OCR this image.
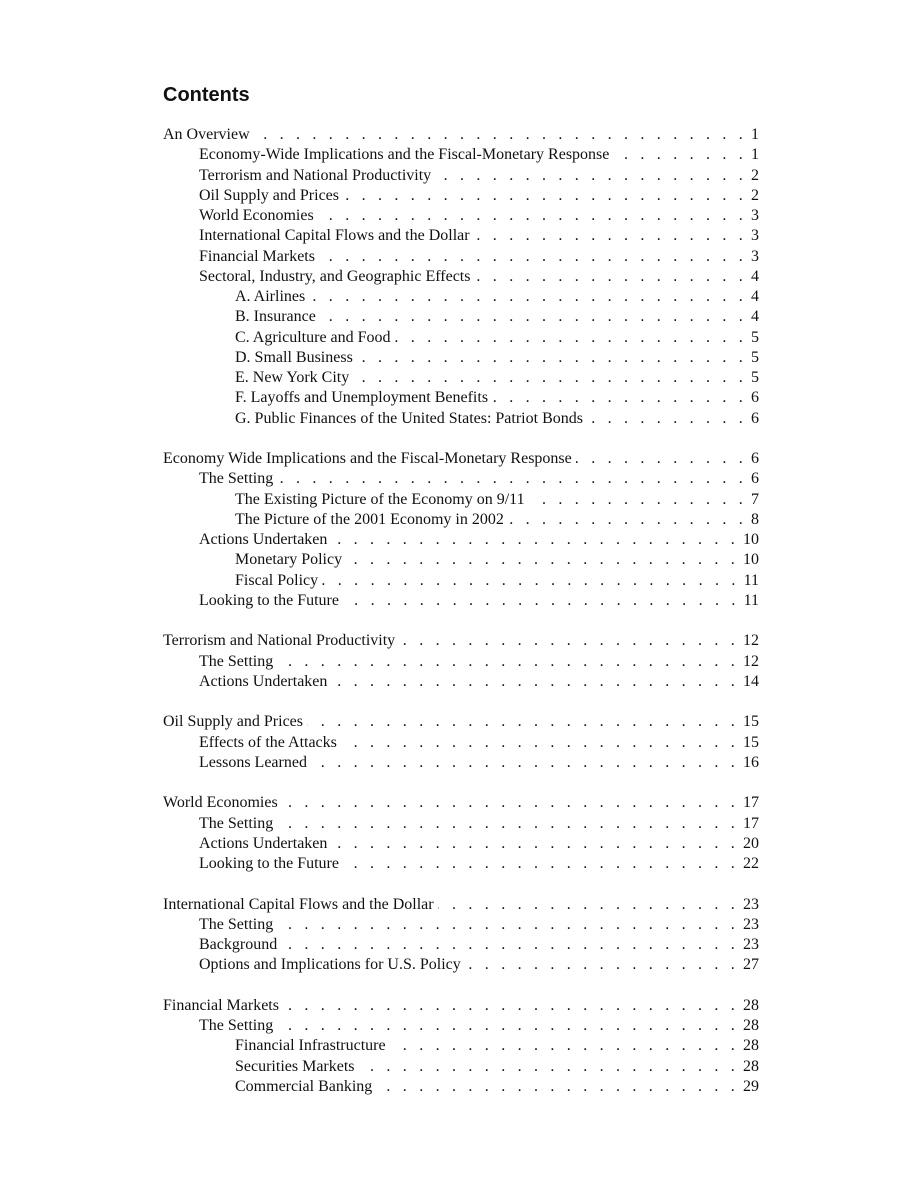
Contents
An Overview . . .	1
Economy-Wide Implications and the Fiscal-Monetary Response . . .	1
Terrorism and National Productivity . . .	2
Oil Supply and Prices . . .	2
World Economies . . .	3
International Capital Flows and the Dollar . . .	3
Financial Markets . . .	3
Sectoral, Industry, and Geographic Effects . . .	4
A. Airlines . . .	4
B. Insurance . . .	4
C. Agriculture and Food . . .	5
D. Small Business . . .	5
E. New York City . . .	5
F. Layoffs and Unemployment Benefits . . .	6
G. Public Finances of the United States: Patriot Bonds . . .	6
Economy Wide Implications and the Fiscal-Monetary Response . . .	6
The Setting . . .	6
The Existing Picture of the Economy on 9/11 . . .	7
The Picture of the 2001 Economy in 2002 . . .	8
Actions Undertaken . . .	10
Monetary Policy . . .	10
Fiscal Policy . . .	11
Looking to the Future . . .	11
Terrorism and National Productivity . . .	12
The Setting . . .	12
Actions Undertaken . . .	14
Oil Supply and Prices . . .	15
Effects of the Attacks . . .	15
Lessons Learned . . .	16
World Economies . . .	17
The Setting . . .	17
Actions Undertaken . . .	20
Looking to the Future . . .	22
International Capital Flows and the Dollar . . .	23
The Setting . . .	23
Background . . .	23
Options and Implications for U.S. Policy . . .	27
Financial Markets . . .	28
The Setting . . .	28
Financial Infrastructure . . .	28
Securities Markets . . .	28
Commercial Banking . . .	29
